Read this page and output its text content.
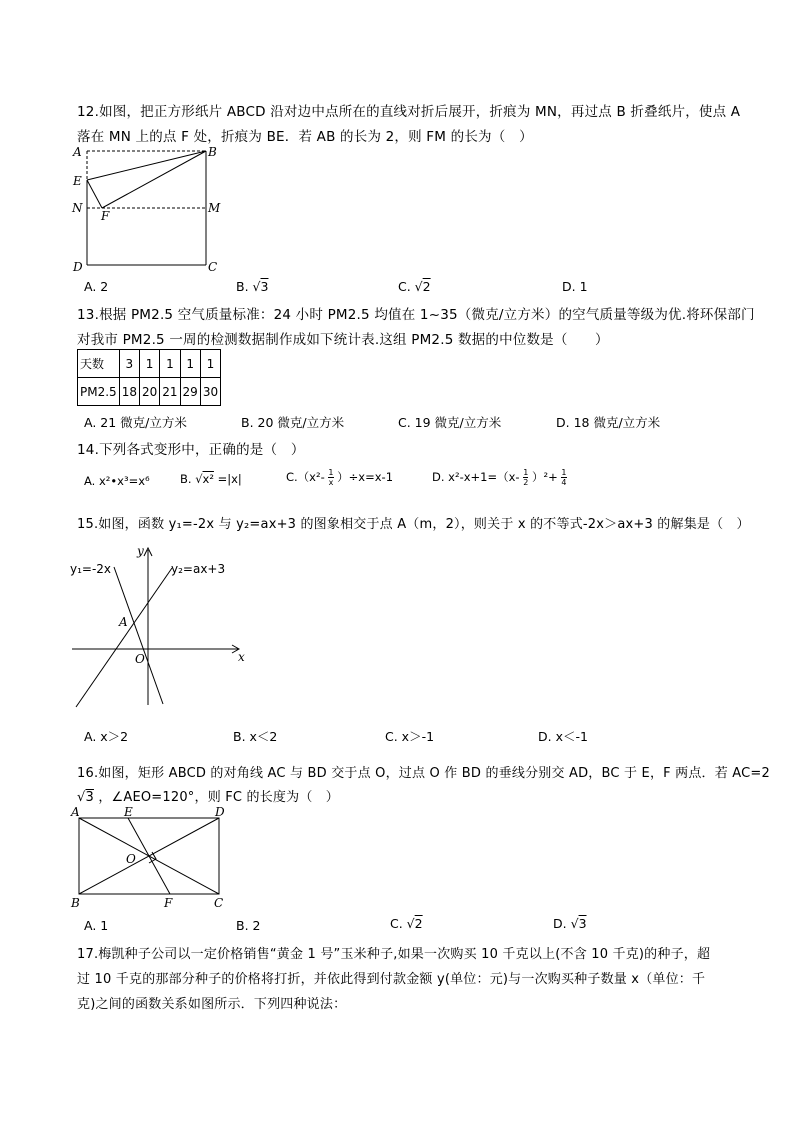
12.如图，把正方形纸片 ABCD 沿对边中点所在的直线对折后展开，折痕为 MN，再过点 B 折叠纸片，使点 A
落在 MN 上的点 F 处，折痕为 BE．若 AB 的长为 2，则 FM 的长为（　）
A	B
E
N
F
M
D	C
A. 2	B. √3	C. √2	D. 1
13.根据 PM2.5 空气质量标准：24 小时 PM2.5 均值在 1~35（微克/立方米）的空气质量等级为优.将环保部门
对我市 PM2.5 一周的检测数据制作成如下统计表.这组 PM2.5 数据的中位数是（　　）
天数	3	1	1	1	1
PM2.5	18	20	21	29	30
A. 21 微克/立方米	B. 20 微克/立方米	C. 19 微克/立方米	D. 18 微克/立方米
14.下列各式变形中，正确的是（　）
A. x²•x³=x⁶	B. √x² =|x|	$C.(x^2- \frac{1}{x} )\div x=x-1$	D. $x^2-x+1=(x- \frac{1}{2} )^2+ \frac{1}{4}$
15.如图，函数 y₁=-2x 与 y₂=ax+3 的图象相交于点 A（m，2），则关于 x 的不等式-2x＞ax+3 的解集是（　）
y₁=-2x	y₂=ax+3
A
O	x
y
A. x＞2	B. x＜2	C. x＞-1	D. x＜-1
16.如图，矩形 ABCD 的对角线 AC 与 BD 交于点 O，过点 O 作 BD 的垂线分别交 AD，BC 于 E，F 两点．若 AC=2
√3 ，∠AEO=120°，则 FC 的长度为（　）
A	E	D
O
B	F	C
A. 1	B. 2	C. √2	D. √3
17.梅凯种子公司以一定价格销售“黄金 1 号”玉米种子,如果一次购买 10 千克以上(不含 10 千克)的种子，超
过 10 千克的那部分种子的价格将打折，并依此得到付款金额 y(单位：元)与一次购买种子数量 x（单位：千
克)之间的函数关系如图所示．下列四种说法：
